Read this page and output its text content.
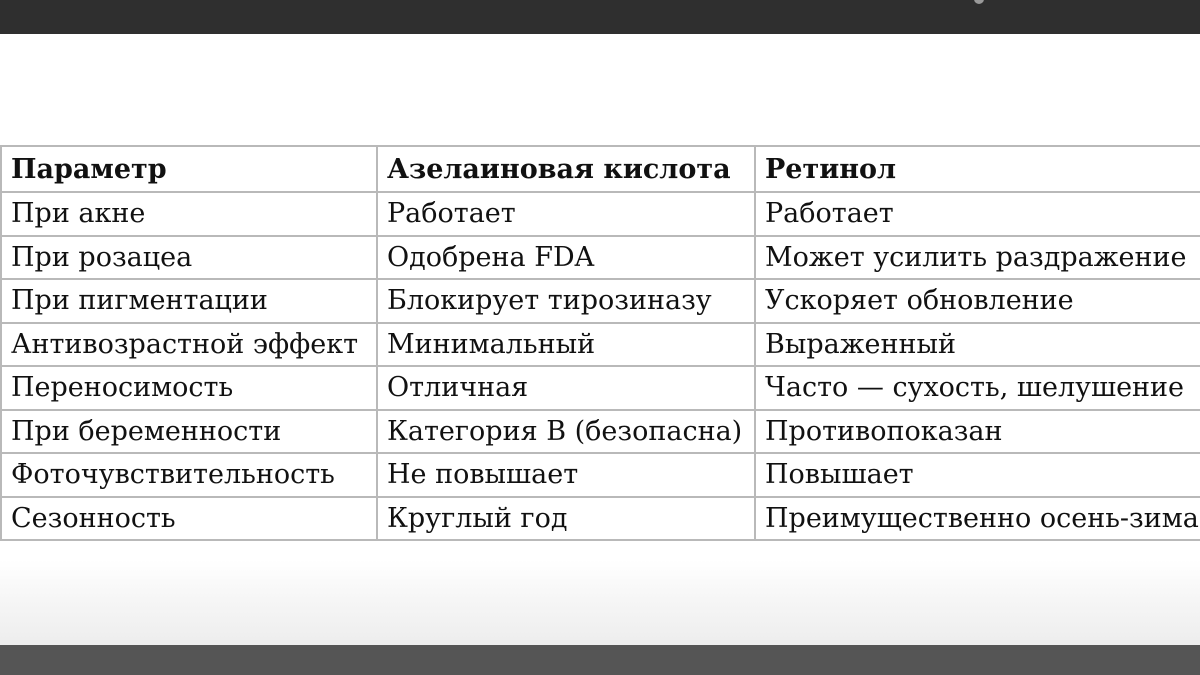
Параметр	Азелаиновая кислота	Ретинол
При акне	Работает	Работает
При розацеа	Одобрена FDA	Может усилить раздражение
При пигментации	Блокирует тирозиназу	Ускоряет обновление
Антивозрастной эффект	Минимальный	Выраженный
Переносимость	Отличная	Часто — сухость, шелушение
При беременности	Категория B (безопасна)	Противопоказан
Фоточувствительность	Не повышает	Повышает
Сезонность	Круглый год	Преимущественно осень-зима
